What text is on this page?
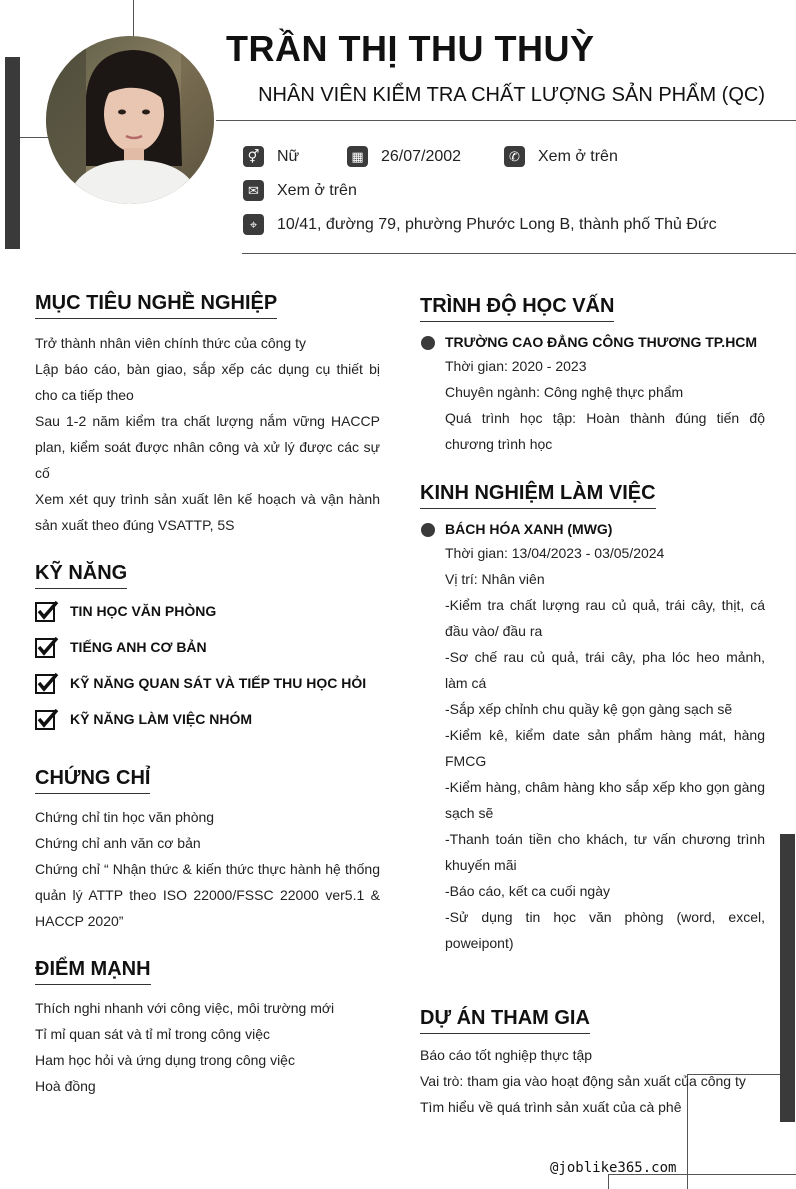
TRẦN THỊ THU THUỲ
NHÂN VIÊN KIỂM TRA CHẤT LƯỢNG SẢN PHẨM (QC)
⚥ Nữ	▦ 26/07/2002	✆	Xem ở trên
✉	Xem ở trên
⌖	10/41, đường 79, phường Phước Long B, thành phố Thủ Đức
MỤC TIÊU NGHỀ NGHIỆP
Trở thành nhân viên chính thức của công ty
Lập báo cáo, bàn giao, sắp xếp các dụng cụ thiết bị cho ca tiếp theo
Sau 1-2 năm kiểm tra chất lượng nắm vững HACCP plan, kiểm soát được nhân công và xử lý được các sự cố
Xem xét quy trình sản xuất lên kế hoạch và vận hành sản xuất theo đúng VSATTP, 5S
KỸ NĂNG
TIN HỌC VĂN PHÒNG
TIẾNG ANH CƠ BẢN
KỸ NĂNG QUAN SÁT VÀ TIẾP THU HỌC HỎI
KỸ NĂNG LÀM VIỆC NHÓM
CHỨNG CHỈ
Chứng chỉ tin học văn phòng
Chứng chỉ anh văn cơ bản
Chứng chỉ “ Nhận thức & kiến thức thực hành hệ thống quản lý ATTP theo ISO 22000/FSSC 22000 ver5.1 & HACCP 2020”
ĐIỂM MẠNH
Thích nghi nhanh với công việc, môi trường mới
Tỉ mỉ quan sát và tỉ mỉ trong công việc
Ham học hỏi và ứng dụng trong công việc
Hoà đồng
TRÌNH ĐỘ HỌC VẤN
TRƯỜNG CAO ĐẲNG CÔNG THƯƠNG TP.HCM
Thời gian: 2020 - 2023
Chuyên ngành: Công nghệ thực phẩm
Quá trình học tập: Hoàn thành đúng tiến độ chương trình học
KINH NGHIỆM LÀM VIỆC
BÁCH HÓA XANH (MWG)
Thời gian: 13/04/2023 - 03/05/2024
Vị trí: Nhân viên
-Kiểm tra chất lượng rau củ quả, trái cây, thịt, cá đầu vào/ đầu ra
-Sơ chế rau củ quả, trái cây, pha lóc heo mảnh, làm cá
-Sắp xếp chỉnh chu quầy kệ gọn gàng sạch sẽ
-Kiểm kê, kiểm date sản phẩm hàng mát, hàng FMCG
-Kiểm hàng, châm hàng kho sắp xếp kho gọn gàng sạch sẽ
-Thanh toán tiền cho khách, tư vấn chương trình khuyến mãi
-Báo cáo, kết ca cuối ngày
-Sử dụng tin học văn phòng (word, excel, poweipont)
DỰ ÁN THAM GIA
Báo cáo tốt nghiệp thực tập
Vai trò: tham gia vào hoạt động sản xuất của công ty
Tìm hiểu về quá trình sản xuất của cà phê
@joblike365.com
